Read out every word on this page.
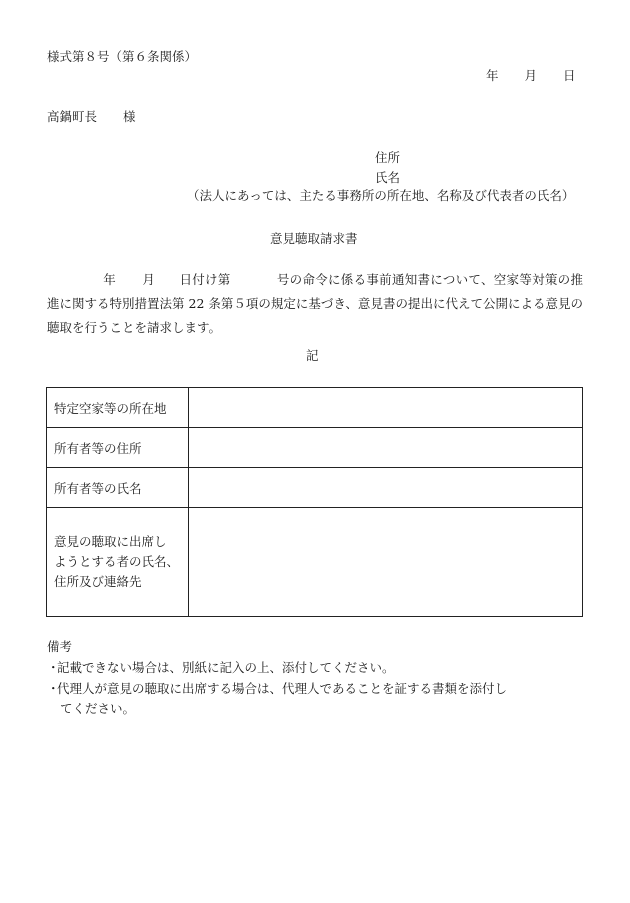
様式第８号（第６条関係）
年 月 日
高鍋町長 様
住所
氏名
（法人にあっては、主たる事務所の所在地、名称及び代表者の氏名）
意見聴取請求書
年 月 日付け第	号の命令に係る事前通知書について、空家等対策の推進に関する特別措置法第 22 条第５項の規定に基づき、意見書の提出に代えて公開による意見の聴取を行うことを請求します。
記
特定空家等の所在地	
所有者等の住所	
所有者等の氏名	
意見の聴取に出席し
ようとする者の氏名、
住所及び連絡先	
備考
・記載できない場合は、別紙に記入の上、添付してください。
・代理人が意見の聴取に出席する場合は、代理人であることを証する書類を添付し
てください。
